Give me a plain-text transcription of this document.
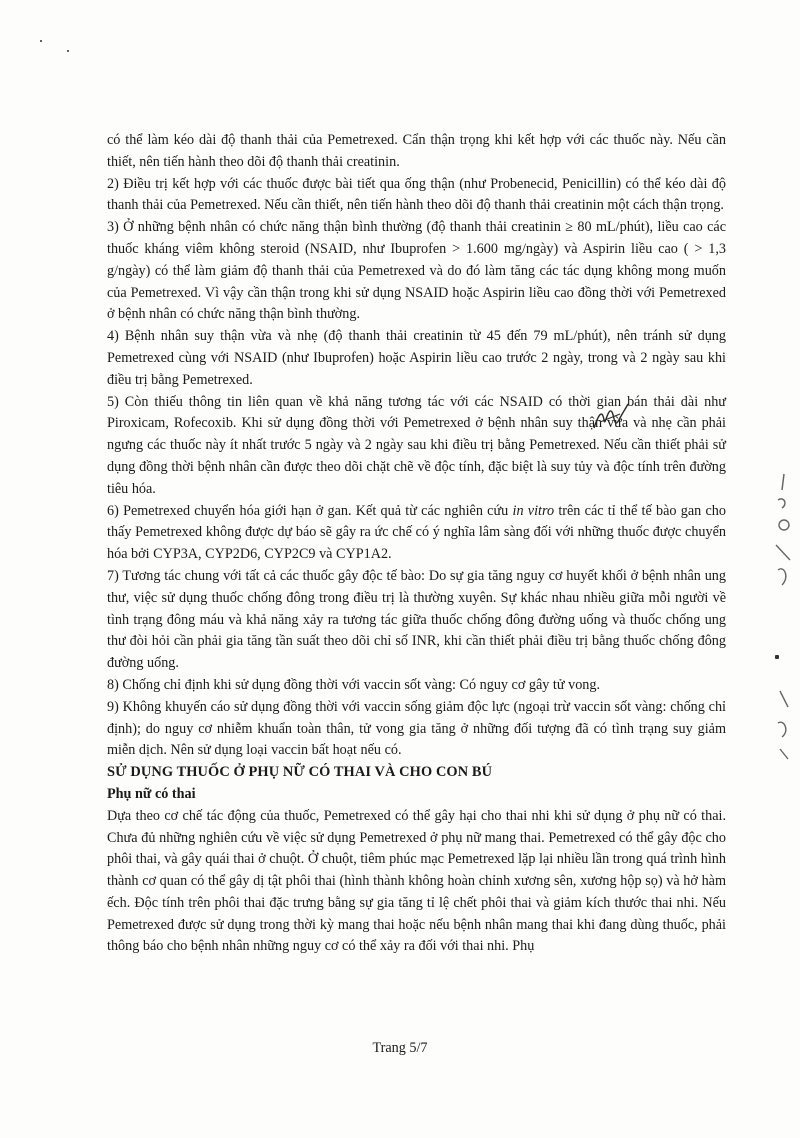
có thể làm kéo dài độ thanh thải của Pemetrexed. Cẩn thận trọng khi kết hợp với các thuốc này. Nếu cần thiết, nên tiến hành theo dõi độ thanh thải creatinin.

2) Điều trị kết hợp với các thuốc được bài tiết qua ống thận (như Probenecid, Penicillin) có thể kéo dài độ thanh thải của Pemetrexed. Nếu cần thiết, nên tiến hành theo dõi độ thanh thải creatinin một cách thận trọng.

3) Ở những bệnh nhân có chức năng thận bình thường (độ thanh thải creatinin ≥ 80 mL/phút), liều cao các thuốc kháng viêm không steroid (NSAID, như Ibuprofen > 1.600 mg/ngày) và Aspirin liều cao ( > 1,3 g/ngày) có thể làm giảm độ thanh thải của Pemetrexed và do đó làm tăng các tác dụng không mong muốn của Pemetrexed. Vì vậy cần thận trong khi sử dụng NSAID hoặc Aspirin liều cao đồng thời với Pemetrexed ở bệnh nhân có chức năng thận bình thường.

4) Bệnh nhân suy thận vừa và nhẹ (độ thanh thải creatinin từ 45 đến 79 mL/phút), nên tránh sử dụng Pemetrexed cùng với NSAID (như Ibuprofen) hoặc Aspirin liều cao trước 2 ngày, trong và 2 ngày sau khi điều trị bằng Pemetrexed.

5) Còn thiếu thông tin liên quan về khả năng tương tác với các NSAID có thời gian bán thải dài như Piroxicam, Rofecoxib. Khi sử dụng đồng thời với Pemetrexed ở bệnh nhân suy thận vừa và nhẹ cần phải ngưng các thuốc này ít nhất trước 5 ngày và 2 ngày sau khi điều trị bằng Pemetrexed. Nếu cần thiết phải sử dụng đồng thời bệnh nhân cần được theo dõi chặt chẽ về độc tính, đặc biệt là suy tủy và độc tính trên đường tiêu hóa.

6) Pemetrexed chuyển hóa giới hạn ở gan. Kết quả từ các nghiên cứu in vitro trên các tỉ thể tế bào gan cho thấy Pemetrexed không được dự báo sẽ gây ra ức chế có ý nghĩa lâm sàng đối với những thuốc được chuyển hóa bởi CYP3A, CYP2D6, CYP2C9 và CYP1A2.

7) Tương tác chung với tất cả các thuốc gây độc tế bào: Do sự gia tăng nguy cơ huyết khối ở bệnh nhân ung thư, việc sử dụng thuốc chống đông trong điều trị là thường xuyên. Sự khác nhau nhiều giữa mỗi người về tình trạng đông máu và khả năng xảy ra tương tác giữa thuốc chống đông đường uống và thuốc chống ung thư đòi hỏi cần phải gia tăng tần suất theo dõi chỉ số INR, khi cần thiết phải điều trị bằng thuốc chống đông đường uống.

8) Chống chỉ định khi sử dụng đồng thời với vaccin sốt vàng: Có nguy cơ gây tử vong.

9) Không khuyến cáo sử dụng đồng thời với vaccin sống giảm độc lực (ngoại trừ vaccin sốt vàng: chống chỉ định); do nguy cơ nhiễm khuẩn toàn thân, tử vong gia tăng ở những đối tượng đã có tình trạng suy giảm miễn dịch. Nên sử dụng loại vaccin bất hoạt nếu có.

SỬ DỤNG THUỐC Ở PHỤ NỮ CÓ THAI VÀ CHO CON BÚ

Phụ nữ có thai

Dựa theo cơ chế tác động của thuốc, Pemetrexed có thể gây hại cho thai nhi khi sử dụng ở phụ nữ có thai. Chưa đủ những nghiên cứu về việc sử dụng Pemetrexed ở phụ nữ mang thai. Pemetrexed có thể gây độc cho phôi thai, và gây quái thai ở chuột. Ở chuột, tiêm phúc mạc Pemetrexed lặp lại nhiều lần trong quá trình hình thành cơ quan có thể gây dị tật phôi thai (hình thành không hoàn chỉnh xương sên, xương hộp sọ) và hở hàm ếch. Độc tính trên phôi thai đặc trưng bằng sự gia tăng tỉ lệ chết phôi thai và giảm kích thước thai nhi. Nếu Pemetrexed được sử dụng trong thời kỳ mang thai hoặc nếu bệnh nhân mang thai khi đang dùng thuốc, phải thông báo cho bệnh nhân những nguy cơ có thể xảy ra đối với thai nhi. Phụ

Trang 5/7
